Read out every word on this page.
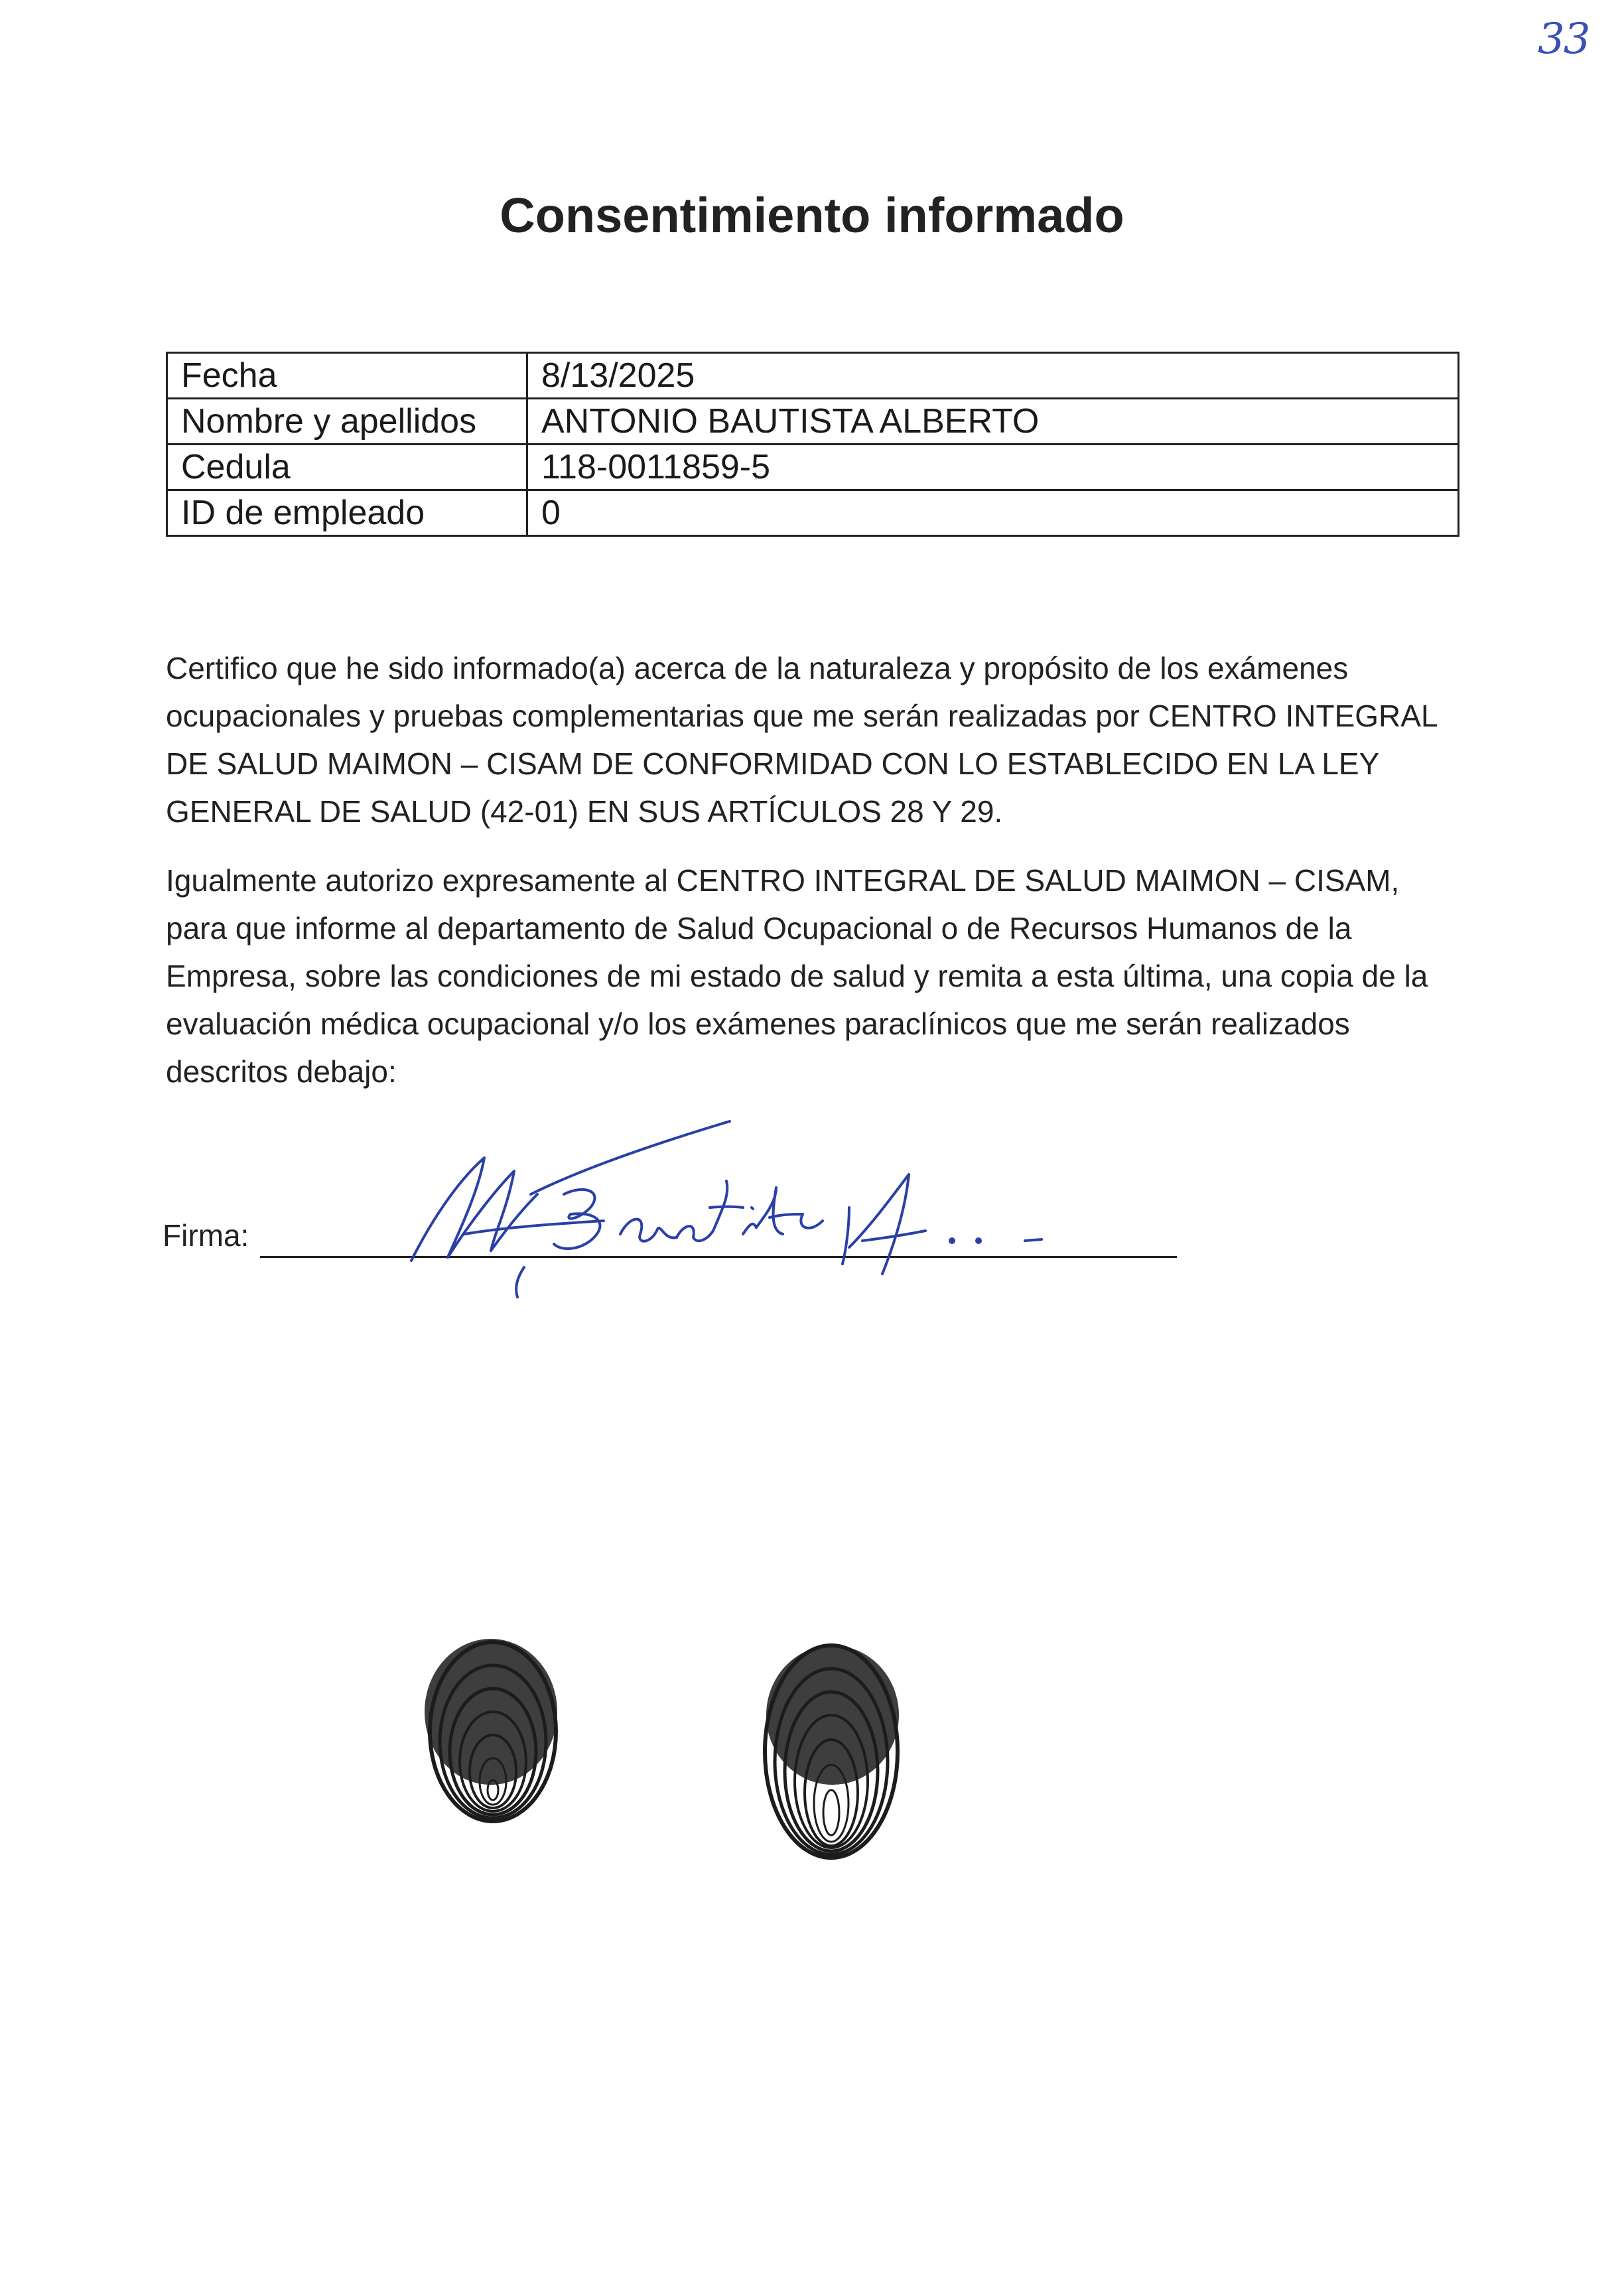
33
Consentimiento informado
Fecha	8/13/2025
Nombre y apellidos	ANTONIO BAUTISTA ALBERTO
Cedula	118-0011859-5
ID de empleado	0

Certifico que he sido informado(a) acerca de la naturaleza y propósito de los exámenes ocupacionales y pruebas complementarias que me serán realizadas por CENTRO INTEGRAL DE SALUD MAIMON – CISAM DE CONFORMIDAD CON LO ESTABLECIDO EN LA LEY GENERAL DE SALUD (42-01) EN SUS ARTÍCULOS 28 Y 29.

Igualmente autorizo expresamente al CENTRO INTEGRAL DE SALUD MAIMON – CISAM, para que informe al departamento de Salud Ocupacional o de Recursos Humanos de la Empresa, sobre las condiciones de mi estado de salud y remita a esta última, una copia de la evaluación médica ocupacional y/o los exámenes paraclínicos que me serán realizados descritos debajo:

Firma:
